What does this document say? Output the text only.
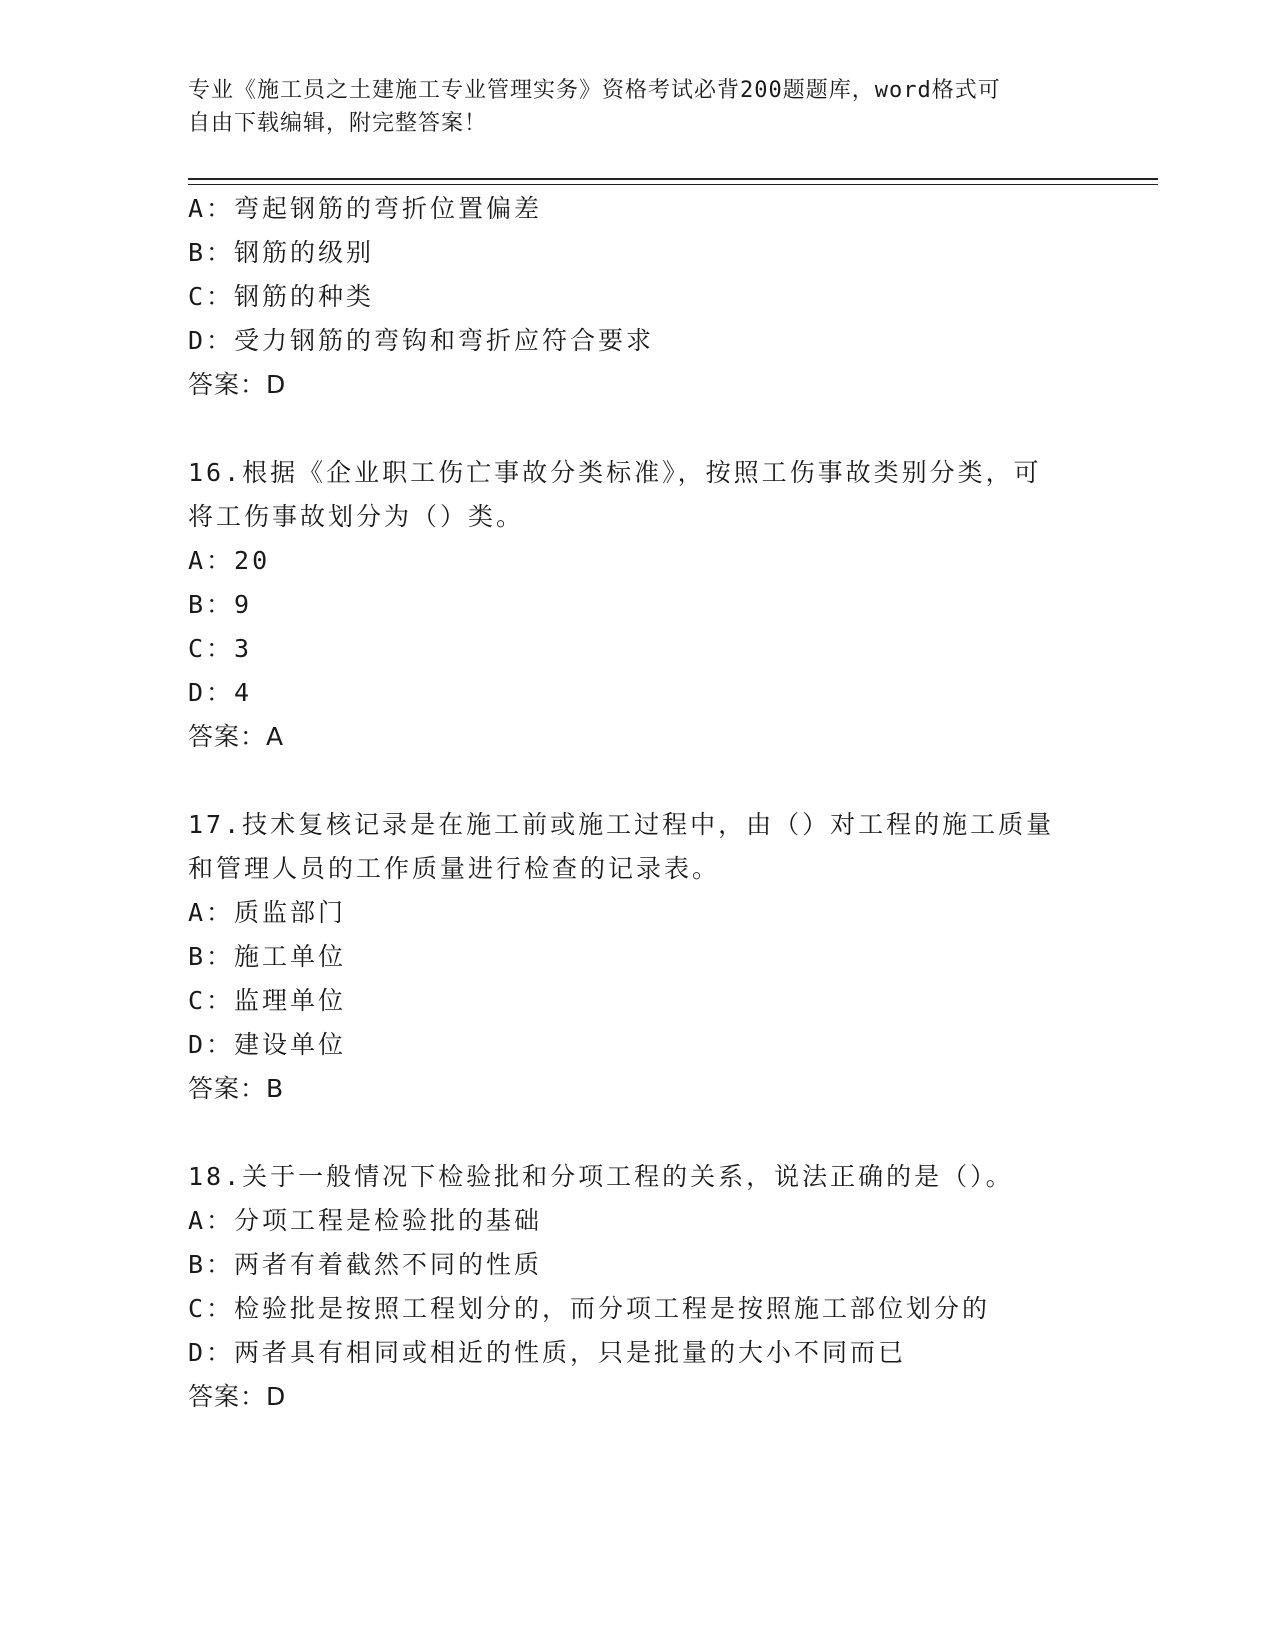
专业《施工员之土建施工专业管理实务》资格考试必背200题题库，word格式可
自由下载编辑，附完整答案！
A：弯起钢筋的弯折位置偏差
B：钢筋的级别
C：钢筋的种类
D：受力钢筋的弯钩和弯折应符合要求
答案：D
16.根据《企业职工伤亡事故分类标准》，按照工伤事故类别分类，可
将工伤事故划分为（）类。
A：20
B：9
C：3
D：4
答案：A
17.技术复核记录是在施工前或施工过程中，由（）对工程的施工质量
和管理人员的工作质量进行检查的记录表。
A：质监部门
B：施工单位
C：监理单位
D：建设单位
答案：B
18.关于一般情况下检验批和分项工程的关系，说法正确的是（）。
A：分项工程是检验批的基础
B：两者有着截然不同的性质
C：检验批是按照工程划分的，而分项工程是按照施工部位划分的
D：两者具有相同或相近的性质，只是批量的大小不同而已
答案：D
